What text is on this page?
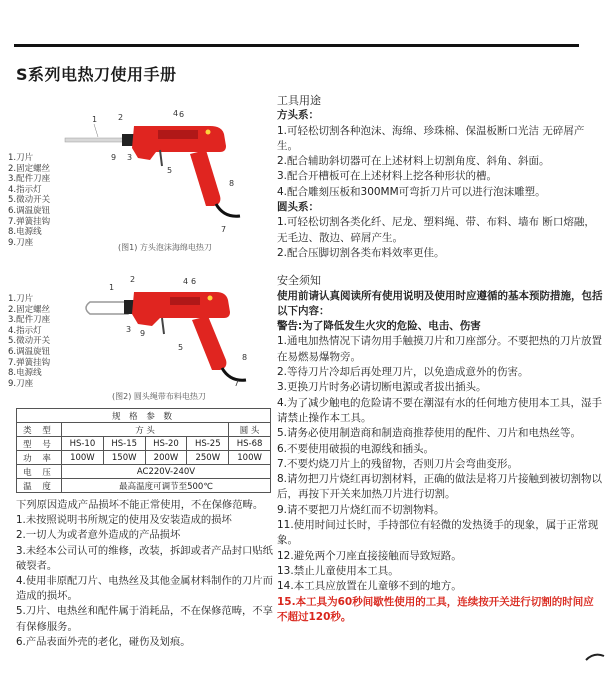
S系列电热刀使用手册
1	2
3
4
5
6
7
8
9
1.刀片
2.固定螺丝
3.配件刀座
4.指示灯
5.微动开关
6.调温旋钮
7.弹簧挂钩
8.电源线
9.刀座	(图1) 方头泡沫海绵电热刀
1
2
3
4
5
6
7
8
9
1.刀片
2.固定螺丝
3.配件刀座
4.指示灯
5.微动开关
6.调温旋钮
7.弹簧挂钩
8.电源线
9.刀座
(图2) 圆头绳带布料电热刀
规 格 参 数					
类 型	方 头				圆 头
型 号	HS-10	HS-15	HS-20	HS-25	HS-68
功 率	100W	150W	200W	250W	100W
电 压	AC220V-240V				
温 度	最高温度可调节至500℃				

下列原因造成产品损坏不能正常使用，不在保修范畴。

1.未按照说明书所规定的使用及安装造成的损坏

2.一切人为或者意外造成的产品损坏

3.未经本公司认可的维修，改装，拆卸或者产品封口贴纸破裂者。

4.使用非原配刀片、电热丝及其他金属材料制作的刀片而造成的损坏。

5.刀片、电热丝和配件属于消耗品，不在保修范畴，不享有保修服务。

6.产品表面外壳的老化，碰伤及划痕。

工具用途

方头系：

1.可轻松切割各种泡沫、海绵、珍珠棉、保温板断口光洁 无碎屑产生。

2.配合辅助斜切器可在上述材料上切割角度、斜角、斜面。

3.配合开槽板可在上述材料上挖各种形状的槽。

4.配合雕刻压板和300MM可弯折刀片可以进行泡沫雕塑。

圆头系：

1.可轻松切割各类化纤、尼龙、塑料绳、带、布料、墙布 断口熔融，无毛边、散边、碎屑产生。

2.配合压脚切割各类布料效率更佳。

安全须知

使用前请认真阅读所有使用说明及使用时应遵循的基本预防措施，包括以下内容：

警告:为了降低发生火灾的危险、电击、伤害

1.通电加热情况下请勿用手触摸刀片和刀座部分。不要把热的刀片放置在易燃易爆物旁。

2.等待刀片冷却后再处理刀片，以免造成意外的伤害。

3.更换刀片时务必请切断电源或者拔出插头。

4.为了减少触电的危险请不要在潮湿有水的任何地方使用本工具，湿手请禁止操作本工具。

5.请务必使用制造商和制造商推荐使用的配件、刀片和电热丝等。

6.不要使用破损的电源线和插头。

7.不要灼烧刀片上的残留物，否则刀片会弯曲变形。

8.请勿把刀片烧红再切割材料，正确的做法是将刀片接触到被切割物以后，再按下开关来加热刀片进行切割。

9.请不要把刀片烧红而不切割物料。

11.使用时间过长时，手持部位有轻微的发热烫手的现象，属于正常现象。

12.避免两个刀座直接接触而导致短路。

13.禁止儿童使用本工具。

14.本工具应放置在儿童够不到的地方。

15.本工具为60秒间歇性使用的工具，连续按开关进行切割的时间应不超过120秒。
